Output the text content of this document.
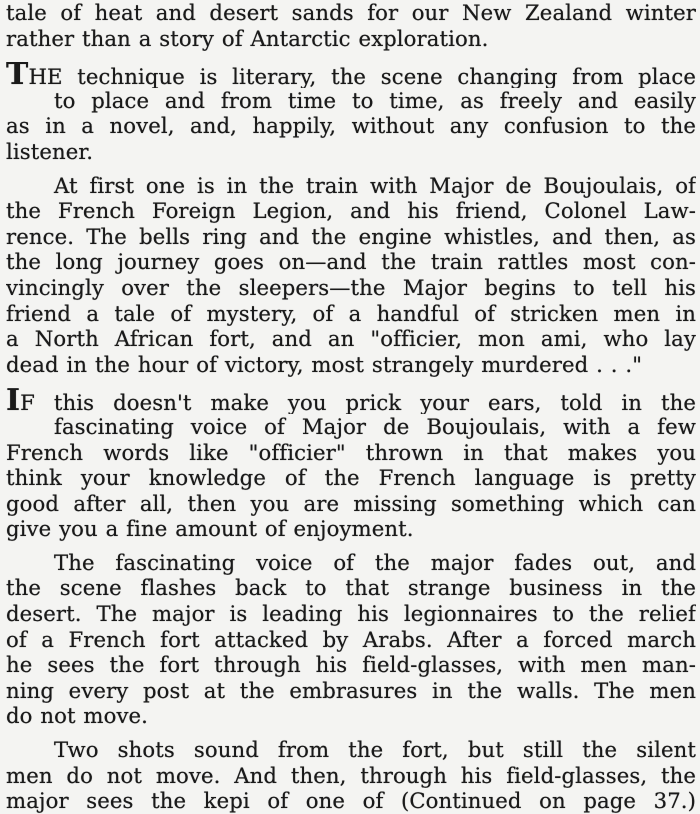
tale of heat and desert sands for our New Zealand winter
rather than a story of Antarctic exploration.
THE technique is literary, the scene changing from place
to place and from time to time, as freely and easily
as in a novel, and, happily, without any confusion to the
listener.
At first one is in the train with Major de Boujoulais, of
the French Foreign Legion, and his friend, Colonel Law-
rence. The bells ring and the engine whistles, and then, as
the long journey goes on—and the train rattles most con-
vincingly over the sleepers—the Major begins to tell his
friend a tale of mystery, of a handful of stricken men in
a North African fort, and an "officier, mon ami, who lay
dead in the hour of victory, most strangely murdered . . ."
IF this doesn't make you prick your ears, told in the
fascinating voice of Major de Boujoulais, with a few
French words like "officier" thrown in that makes you
think your knowledge of the French language is pretty
good after all, then you are missing something which can
give you a fine amount of enjoyment.
The fascinating voice of the major fades out, and
the scene flashes back to that strange business in the
desert. The major is leading his legionnaires to the relief
of a French fort attacked by Arabs. After a forced march
he sees the fort through his field-glasses, with men man-
ning every post at the embrasures in the walls. The men
do not move.
Two shots sound from the fort, but still the silent
men do not move. And then, through his field-glasses, the
major sees the kepi of one of (Continued on page 37.)
